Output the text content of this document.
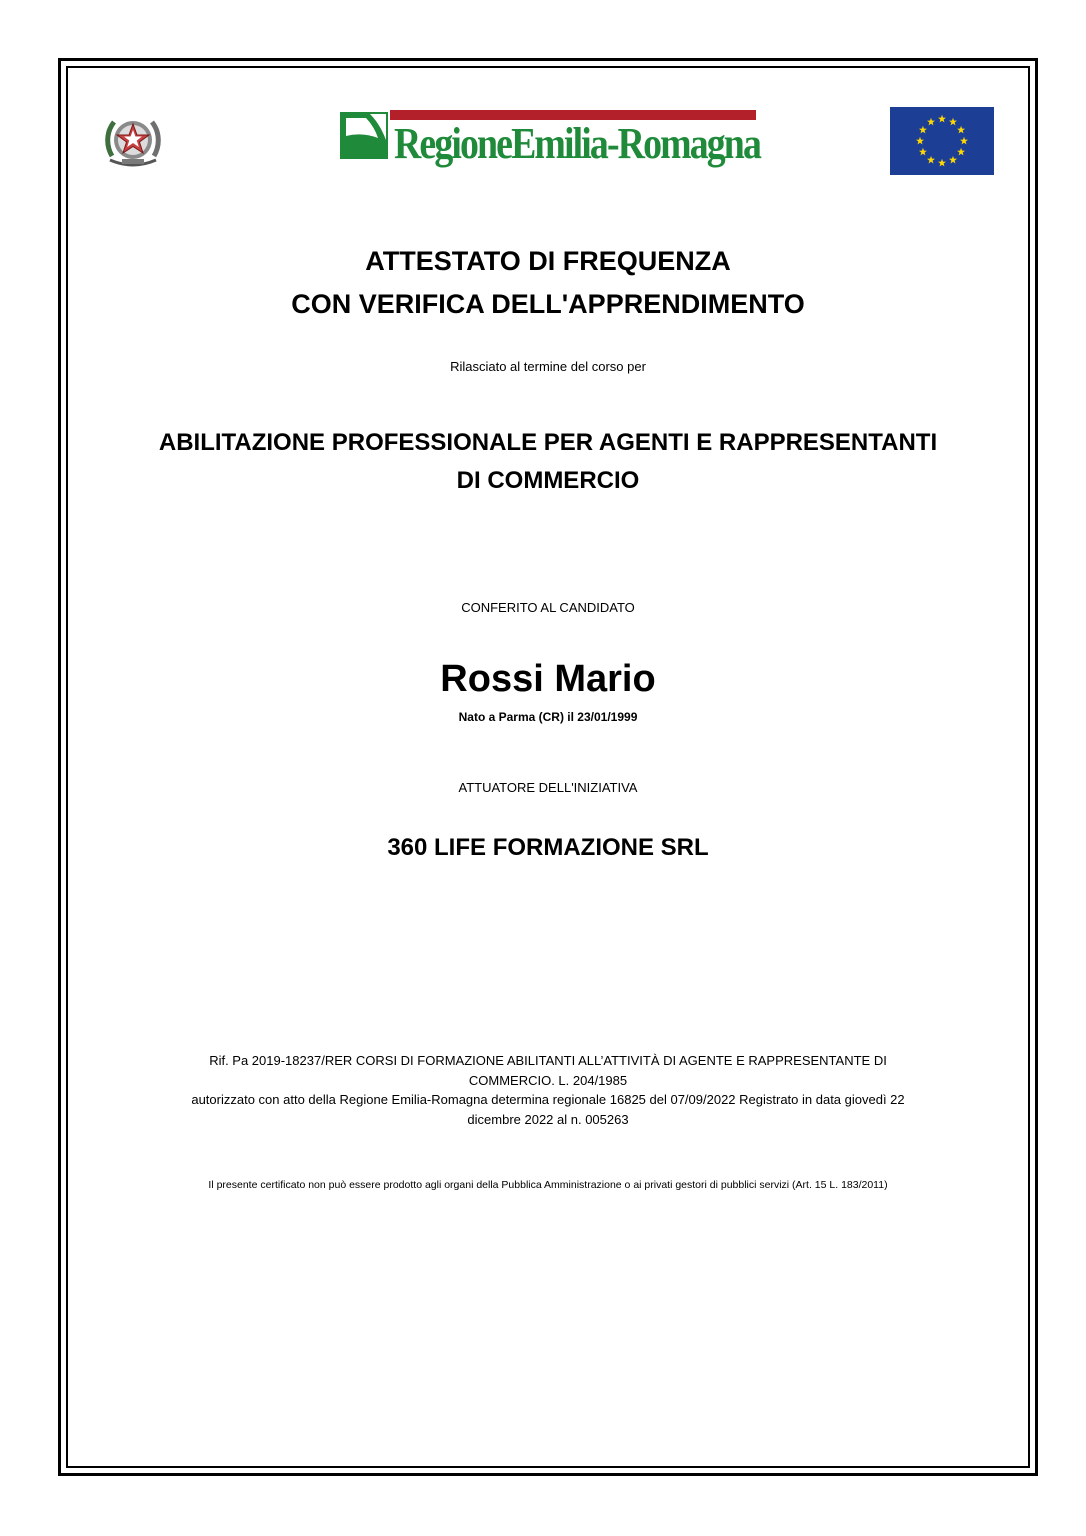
RegioneEmilia-Romagna
ATTESTATO DI FREQUENZA
CON VERIFICA DELL'APPRENDIMENTO
Rilasciato al termine del corso per
ABILITAZIONE PROFESSIONALE PER AGENTI E RAPPRESENTANTI DI COMMERCIO
CONFERITO AL CANDIDATO
Rossi Mario
Nato a Parma (CR) il 23/01/1999
ATTUATORE DELL'INIZIATIVA
360 LIFE FORMAZIONE SRL
Rif. Pa 2019-18237/RER CORSI DI FORMAZIONE ABILITANTI ALL’ATTIVITÀ DI AGENTE E RAPPRESENTANTE DI COMMERCIO. L. 204/1985
autorizzato con atto della Regione Emilia-Romagna determina regionale 16825 del 07/09/2022 Registrato in data giovedì 22 dicembre 2022 al n. 005263
Il presente certificato non può essere prodotto agli organi della Pubblica Amministrazione o ai privati gestori di pubblici servizi (Art. 15 L. 183/2011)
